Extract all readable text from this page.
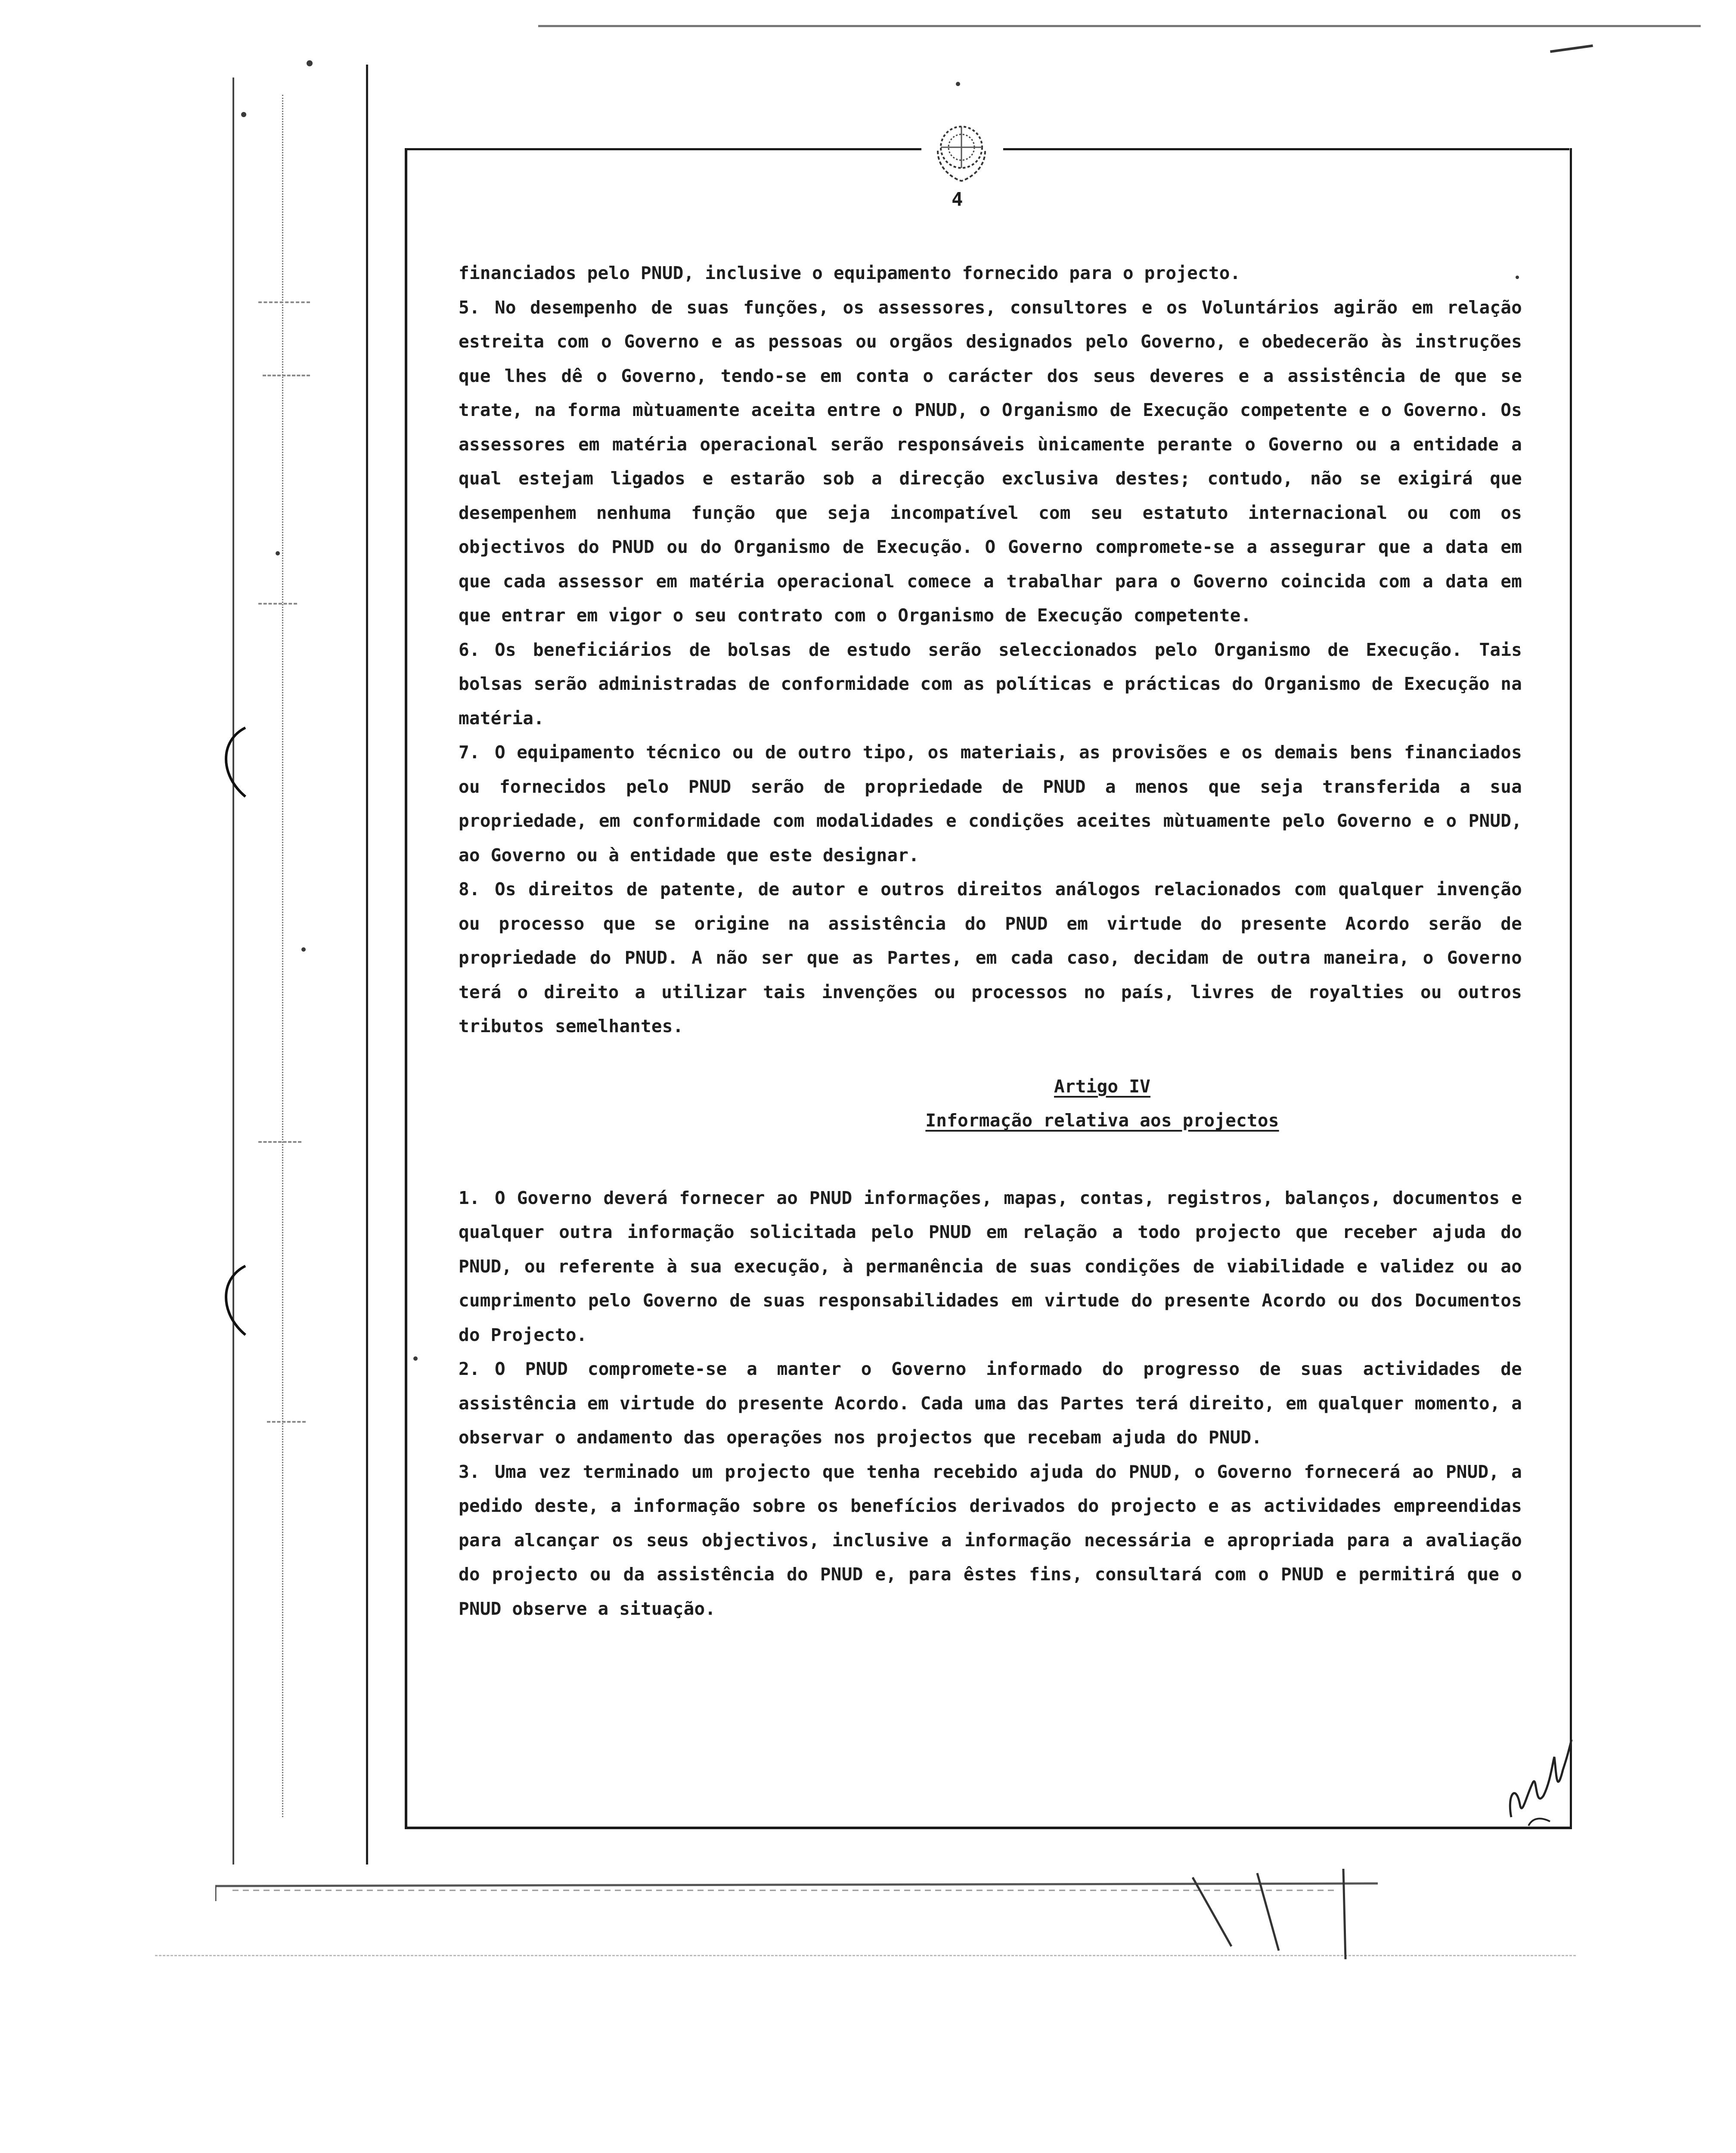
4

financiados pelo PNUD, inclusive o equipamento fornecido para o projecto.

5. No desempenho de suas funções, os assessores, consultores e os Voluntários agirão em relação estreita com o Governo e as pessoas ou orgãos designados pelo Governo, e obedecerão às instruções que lhes dê o Governo, tendo-se em conta o carácter dos seus deveres e a assistência de que se trate, na forma mùtuamente aceita entre o PNUD, o Organismo de Execução competente e o Governo. Os assessores em matéria operacional serão responsáveis ùnicamente perante o Governo ou a entidade a qual estejam ligados e estarão sob a direcção exclusiva destes; contudo, não se exigirá que desempenhem nenhuma função que seja incompatível com seu estatuto internacional ou com os objectivos do PNUD ou do Organismo de Execução. O Governo compromete-se a assegurar que a data em que cada assessor em matéria operacional comece a trabalhar para o Governo coincida com a data em que entrar em vigor o seu contrato com o Organismo de Execução competente.

6. Os beneficiários de bolsas de estudo serão seleccionados pelo Organismo de Execução. Tais bolsas serão administradas de conformidade com as políticas e prácticas do Organismo de Execução na matéria.

7. O equipamento técnico ou de outro tipo, os materiais, as provisões e os demais bens financiados ou fornecidos pelo PNUD serão de propriedade de PNUD a menos que seja transferida a sua propriedade, em conformidade com modalidades e condições aceites mùtuamente pelo Governo e o PNUD, ao Governo ou à entidade que este designar.

8. Os direitos de patente, de autor e outros direitos análogos relacionados com qualquer invenção ou processo que se origine na assistência do PNUD em virtude do presente Acordo serão de propriedade do PNUD. A não ser que as Partes, em cada caso, decidam de outra maneira, o Governo terá o direito a utilizar tais invenções ou processos no país, livres de royalties ou outros tributos semelhantes.

Artigo IV

Informação relativa aos projectos

1. O Governo deverá fornecer ao PNUD informações, mapas, contas, registros, balanços, documentos e qualquer outra informação solicitada pelo PNUD em relação a todo projecto que receber ajuda do PNUD, ou referente à sua execução, à permanência de suas condições de viabilidade e validez ou ao cumprimento pelo Governo de suas responsabilidades em virtude do presente Acordo ou dos Documentos do Projecto.

2. O PNUD compromete-se a manter o Governo informado do progresso de suas actividades de assistência em virtude do presente Acordo. Cada uma das Partes terá direito, em qualquer momento, a observar o andamento das operações nos projectos que recebam ajuda do PNUD.

3. Uma vez terminado um projecto que tenha recebido ajuda do PNUD, o Governo fornecerá ao PNUD, a pedido deste, a informação sobre os benefícios derivados do projecto e as actividades empreendidas para alcançar os seus objectivos, inclusive a informação necessária e apropriada para a avaliação do projecto ou da assistência do PNUD e, para êstes fins, consultará com o PNUD e permitirá que o PNUD observe a situação.
